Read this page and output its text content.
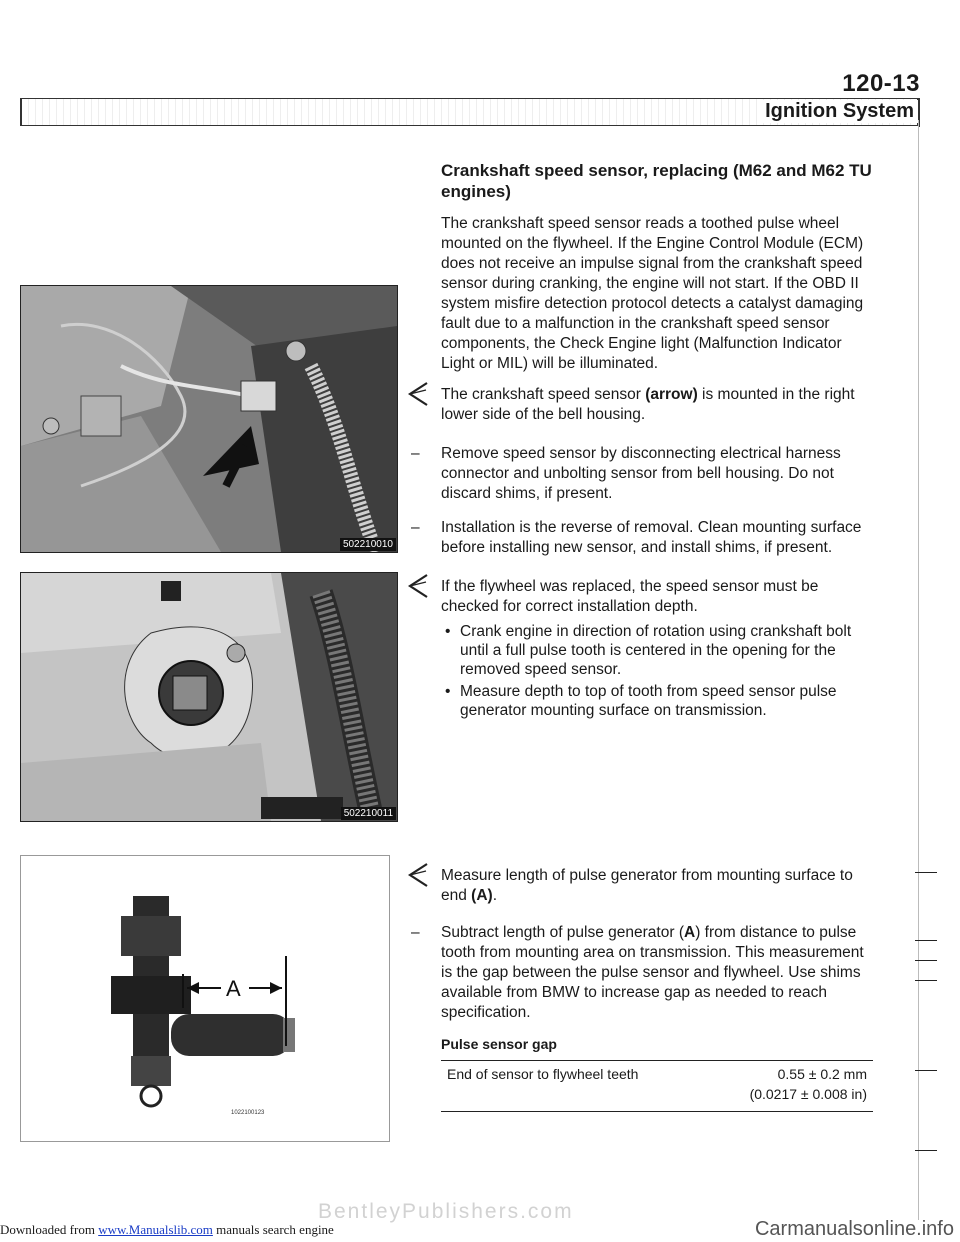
120-13
Ignition System
Crankshaft speed sensor, replacing (M62 and M62 TU engines)
The crankshaft speed sensor reads a toothed pulse wheel mounted on the flywheel. If the Engine Control Module (ECM) does not receive an impulse signal from the crankshaft speed sensor during cranking, the engine will not start. If the OBD II system misfire detection protocol detects a catalyst damaging fault due to a malfunction in the crankshaft speed sensor components, the Check Engine light (Malfunction Indicator Light or MIL) will be illuminated.
The crankshaft speed sensor (arrow) is mounted in the right lower side of the bell housing.
– Remove speed sensor by disconnecting electrical harness connector and unbolting sensor from bell housing. Do not discard shims, if present.
– Installation is the reverse of removal. Clean mounting surface before installing new sensor, and install shims, if present.
If the flywheel was replaced, the speed sensor must be checked for correct installation depth.
• Crank engine in direction of rotation using crankshaft bolt until a full pulse tooth is centered in the opening for the removed speed sensor.
• Measure depth to top of tooth from speed sensor pulse generator mounting surface on transmission.
Measure length of pulse generator from mounting surface to end (A).
– Subtract length of pulse generator (A) from distance to pulse tooth from mounting area on transmission. This measurement is the gap between the pulse sensor and flywheel. Use shims available from BMW to increase gap as needed to reach specification.
Pulse sensor gap
End of sensor to flywheel teeth	0.55 ± 0.2 mm
(0.0217 ± 0.008 in)
502210010
502210011
A
1022100123
BentleyPublishers.com
Downloaded from www.Manualslib.com manuals search engine	Carmanualsonline.info
